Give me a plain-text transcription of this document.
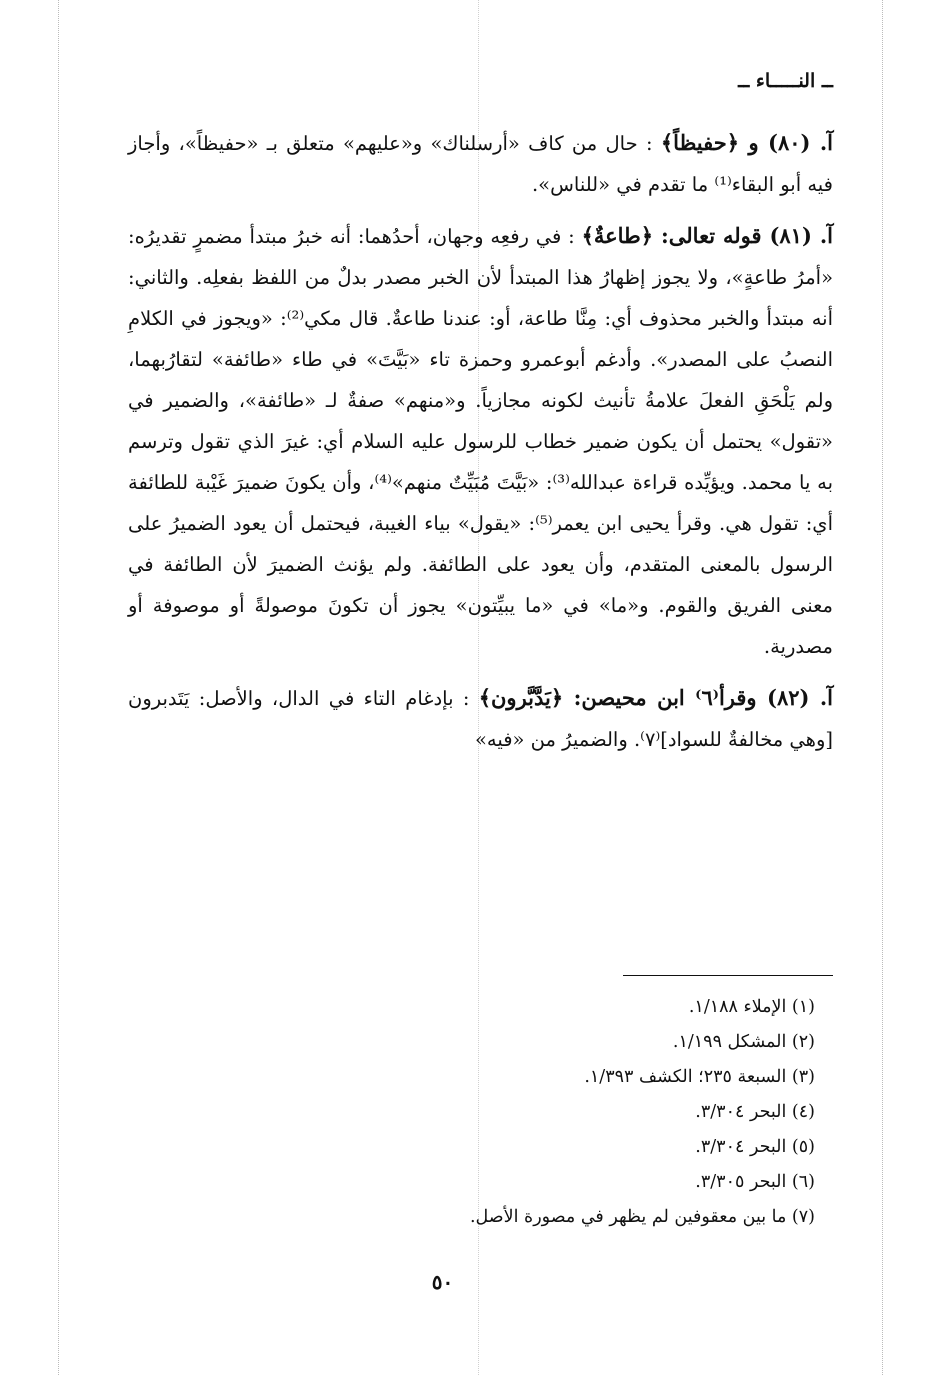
ــ النـــــاء ــ

آ. (٨٠) و ﴿حفيظاً﴾ : حال من كاف «أرسلناك» و«عليهم» متعلق بـ «حفيظاً»، وأجاز فيه أبو البقاء⁽¹⁾ ما تقدم في «للناس».

آ. (٨١) قوله تعالى: ﴿طاعةٌ﴾ : في رفعِه وجهان، أحدُهما: أنه خبرُ مبتدأ مضمرٍ تقديرُه: «أمرُ طاعةٍ»، ولا يجوز إظهارُ هذا المبتدأ لأن الخبر مصدر بدلٌ من اللفظ بفعلِه. والثاني: أنه مبتدأ والخبر محذوف أي: مِنَّا طاعة، أو: عندنا طاعةٌ. قال مكي⁽²⁾: «ويجوز في الكلامِ النصبُ على المصدر». وأدغم أبوعمرو وحمزة تاء «بَيَّتَ» في طاء «طائفة» لتقارُبهما، ولم يَلْحَقِ الفعلَ علامةُ تأنيث لكونه مجازياً. و«منهم» صفةٌ لـ «طائفة»، والضمير في «تقول» يحتمل أن يكون ضمير خطاب للرسول عليه السلام أي: غيرَ الذي تقول وترسم به يا محمد. ويؤيِّده قراءة عبدالله⁽³⁾: «بَيَّتَ مُبَيِّتٌ منهم»⁽⁴⁾، وأن يكونَ ضميرَ غَيْبة للطائفة أي: تقول هي. وقرأ يحيى ابن يعمر⁽⁵⁾: «يقول» بياء الغيبة، فيحتمل أن يعود الضميرُ على الرسول بالمعنى المتقدم، وأن يعود على الطائفة. ولم يؤنث الضميرَ لأن الطائفة في معنى الفريق والقوم. و«ما» في «ما يبيِّتون» يجوز أن تكونَ موصولةً أو موصوفة أو مصدرية.

آ. (٨٢) وقرأ⁽٦⁾ ابن محيصن: ﴿يَدَّبَّرون﴾ : بإدغام التاء في الدال، والأصل: يَتَدبرون [وهي مخالفةٌ للسواد]⁽٧⁾. والضميرُ من «فيه»

(١) الإملاء ١/١٨٨.
(٢) المشكل ١/١٩٩.
(٣) السبعة ٢٣٥؛ الكشف ١/٣٩٣.
(٤) البحر ٣/٣٠٤.
(٥) البحر ٣/٣٠٤.
(٦) البحر ٣/٣٠٥.
(٧) ما بين معقوفين لم يظهر في مصورة الأصل.
٥٠
